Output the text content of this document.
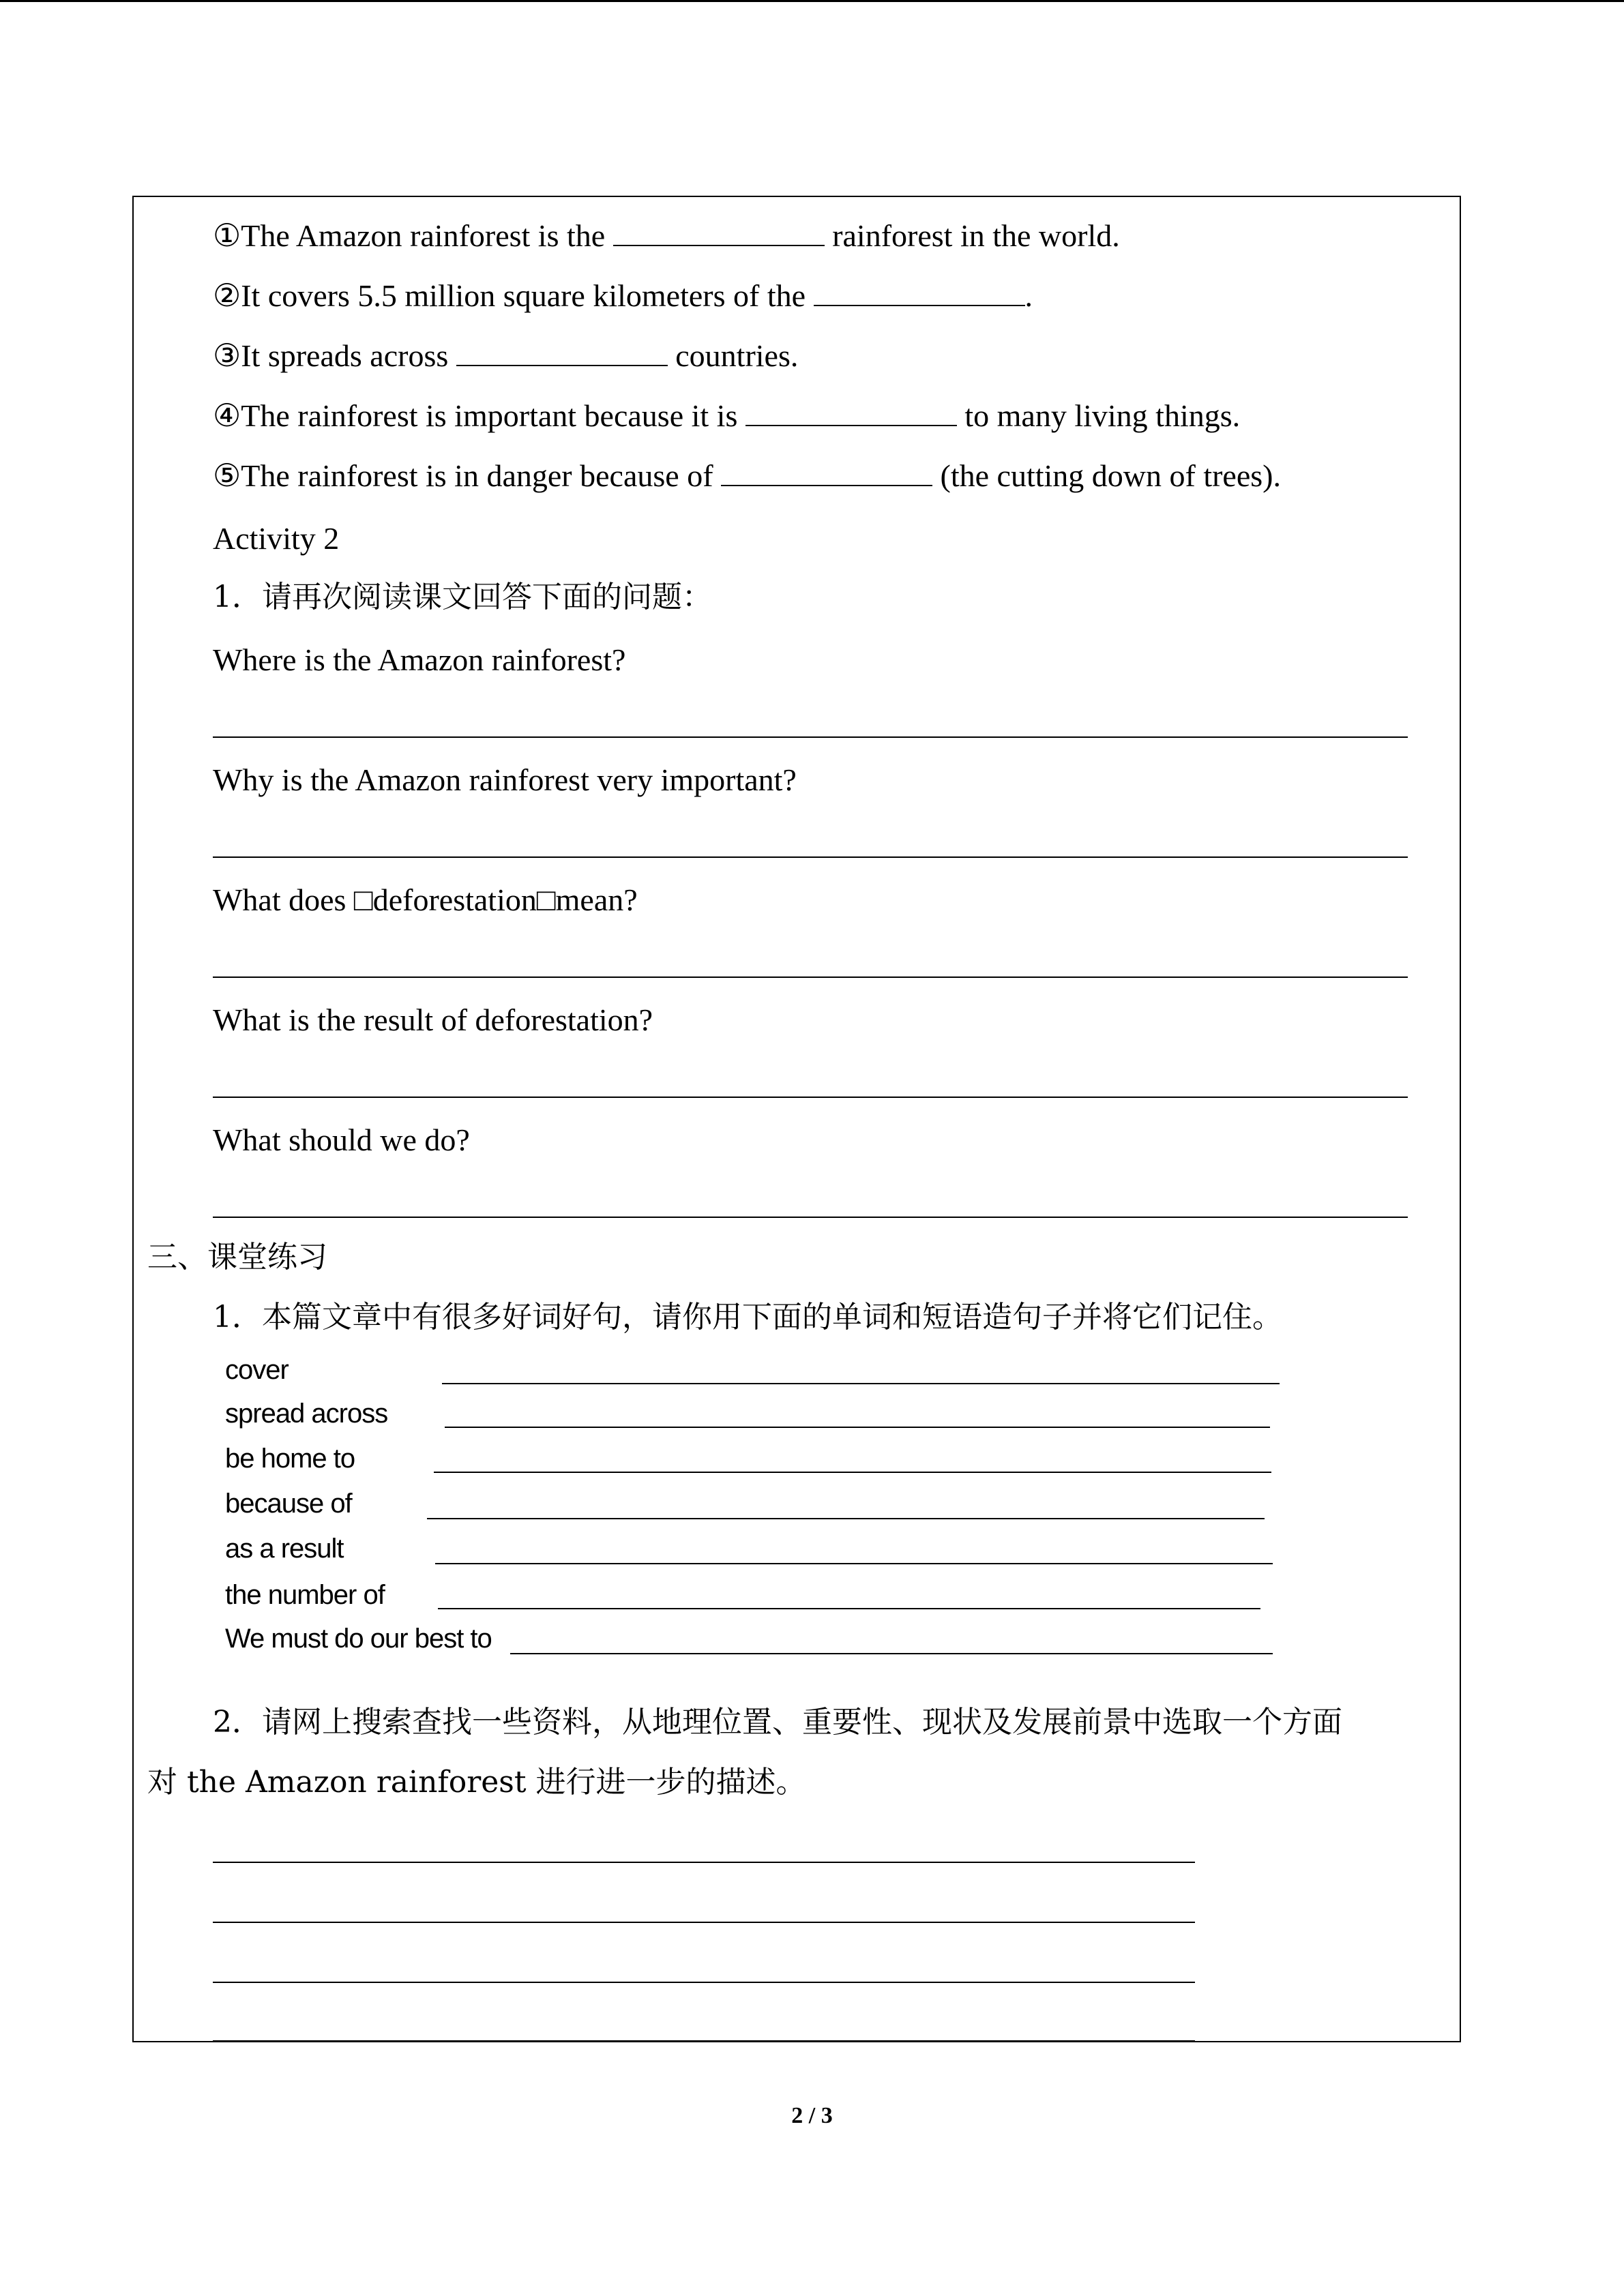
①The Amazon rainforest is the	rainforest in the world.
②It covers 5.5 million square kilometers of the	.
③It spreads across	countries.
④The rainforest is important because it is	to many living things.
⑤The rainforest is in danger because of	(the cutting down of trees).
Activity 2
1．请再次阅读课文回答下面的问题：
Where is the Amazon rainforest?
Why is the Amazon rainforest very important?
What does □deforestation□mean?
What is the result of deforestation?
What should we do?
三、课堂练习
1．本篇文章中有很多好词好句，请你用下面的单词和短语造句子并将它们记住。
cover
spread across
be home to
because of
as a result
the number of
We must do our best to
2．请网上搜索查找一些资料，从地理位置、重要性、现状及发展前景中选取一个方面
对 the Amazon rainforest 进行进一步的描述。
2 / 3
